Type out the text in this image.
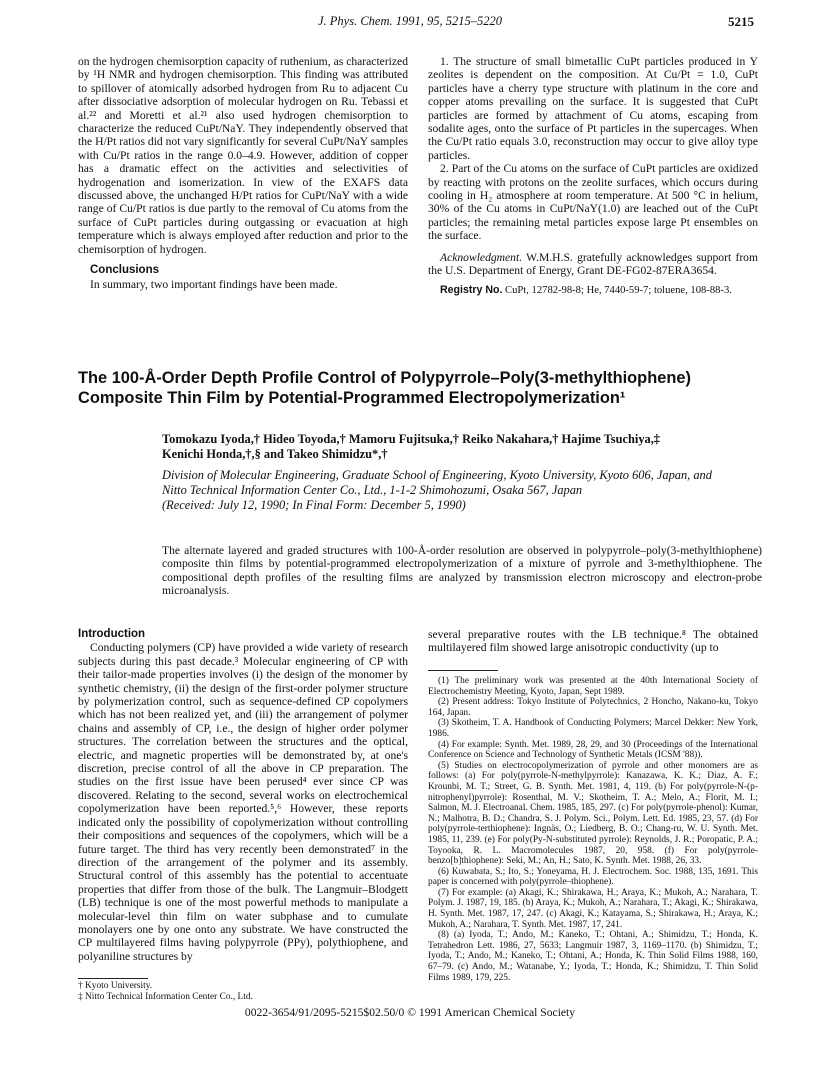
J. Phys. Chem. 1991, 95, 5215–5220	5215

on the hydrogen chemisorption capacity of ruthenium, as characterized by ¹H NMR and hydrogen chemisorption. This finding was attributed to spillover of atomically adsorbed hydrogen from Ru to adjacent Cu after dissociative adsorption of molecular hydrogen on Ru. Tebassi et al.²² and Moretti et al.²¹ also used hydrogen chemisorption to characterize the reduced CuPt/NaY. They independently observed that the H/Pt ratios did not vary significantly for several CuPt/NaY samples with Cu/Pt ratios in the range 0.0–4.9. However, addition of copper has a dramatic effect on the activities and selectivities of hydrogenation and isomerization. In view of the EXAFS data discussed above, the unchanged H/Pt ratios for CuPt/NaY with a wide range of Cu/Pt ratios is due partly to the removal of Cu atoms from the surface of CuPt particles during outgassing or evacuation at high temperature which is always employed after reduction and prior to the chemisorption of hydrogen.

Conclusions

In summary, two important findings have been made.

1. The structure of small bimetallic CuPt particles produced in Y zeolites is dependent on the composition. At Cu/Pt = 1.0, CuPt particles have a cherry type structure with platinum in the core and copper atoms prevailing on the surface. It is suggested that CuPt particles are formed by attachment of Cu atoms, escaping from sodalite ages, onto the surface of Pt particles in the supercages. When the Cu/Pt ratio equals 3.0, reconstruction may occur to give alloy type particles.

2. Part of the Cu atoms on the surface of CuPt particles are oxidized by reacting with protons on the zeolite surfaces, which occurs during cooling in H₂ atmosphere at room temperature. At 500 °C in helium, 30% of the Cu atoms in CuPt/NaY(1.0) are leached out of the CuPt particles; the remaining metal particles expose large Pt ensembles on the surface.

Acknowledgment. W.M.H.S. gratefully acknowledges support from the U.S. Department of Energy, Grant DE-FG02-87ERA3654.

Registry No. CuPt, 12782-98-8; He, 7440-59-7; toluene, 108-88-3.

The 100-Å-Order Depth Profile Control of Polypyrrole–Poly(3-methylthiophene)
Composite Thin Film by Potential-Programmed Electropolymerization¹
Tomokazu Iyoda,† Hideo Toyoda,† Mamoru Fujitsuka,† Reiko Nakahara,† Hajime Tsuchiya,‡
Kenichi Honda,†,§ and Takeo Shimidzu*,†
Division of Molecular Engineering, Graduate School of Engineering, Kyoto University, Kyoto 606, Japan, and
Nitto Technical Information Center Co., Ltd., 1-1-2 Shimohozumi, Osaka 567, Japan
(Received: July 12, 1990; In Final Form: December 5, 1990)
The alternate layered and graded structures with 100-Å-order resolution are observed in polypyrrole–poly(3-methylthiophene) composite thin films by potential-programmed electropolymerization of a mixture of pyrrole and 3-methylthiophene. The compositional depth profiles of the resulting films are analyzed by transmission electron microscopy and electron-probe microanalysis.

Introduction

Conducting polymers (CP) have provided a wide variety of research subjects during this past decade.³ Molecular engineering of CP with their tailor-made properties involves (i) the design of the monomer by synthetic chemistry, (ii) the design of the first-order polymer structure by polymerization control, such as sequence-defined CP copolymers which has not been realized yet, and (iii) the arrangement of polymer chains and assembly of CP, i.e., the design of higher order polymer structures. The correlation between the structures and the optical, electric, and magnetic properties will be demonstrated by, at one's discretion, precise control of all the above in CP preparation. The studies on the first issue have been perused⁴ ever since CP was discovered. Relating to the second, several works on electrochemical copolymerization have been reported.⁵,⁶ However, these reports indicated only the possibility of copolymerization without controlling their compositions and sequences of the copolymers, which will be a future target. The third has very recently been demonstrated⁷ in the direction of the arrangement of the polymer and its assembly. Structural control of this assembly has the potential to accentuate properties that differ from those of the bulk. The Langmuir–Blodgett (LB) technique is one of the most powerful methods to manipulate a molecular-level thin film on water subphase and to cumulate monolayers one by one onto any substrate. We have constructed the CP multilayered films having polypyrrole (PPy), polythiophene, and polyaniline structures by

several preparative routes with the LB technique.⁸ The obtained multilayered film showed large anisotropic conductivity (up to

† Kyoto University.
‡ Nitto Technical Information Center Co., Ltd.

(1) The preliminary work was presented at the 40th International Society of Electrochemistry Meeting, Kyoto, Japan, Sept 1989.

(2) Present address: Tokyo Institute of Polytechnics, 2 Honcho, Nakano-ku, Tokyo 164, Japan.

(3) Skotheim, T. A. Handbook of Conducting Polymers; Marcel Dekker: New York, 1986.

(4) For example: Synth. Met. 1989, 28, 29, and 30 (Proceedings of the International Conference on Science and Technology of Synthetic Metals (ICSM '88)).

(5) Studies on electrocopolymerization of pyrrole and other monomers are as follows: (a) For poly(pyrrole-N-methylpyrrole): Kanazawa, K. K.; Diaz, A. F.; Krounbi, M. T.; Street, G. B. Synth. Met. 1981, 4, 119. (b) For poly(pyrrole-N-(p-nitrophenyl)pyrrole): Rosenthal, M. V.; Skotheim, T. A.; Melo, A.; Florit, M. I.; Salmon, M. J. Electroanal. Chem. 1985, 185, 297. (c) For poly(pyrrole-phenol): Kumar, N.; Malhotra, B. D.; Chandra, S. J. Polym. Sci., Polym. Lett. Ed. 1985, 23, 57. (d) For poly(pyrrole-terthiophene): Ingnäs, O.; Liedberg, B. O.; Chang-ru, W. U. Synth. Met. 1985, 11, 239. (e) For poly(Py-N-substituted pyrrole): Reynolds, J. R.; Poropatic, P. A.; Toyooka, R. L. Macromolecules 1987, 20, 958. (f) For poly(pyrrole-benzo[b]thiophene): Seki, M.; An, H.; Sato, K. Synth. Met. 1988, 26, 33.

(6) Kuwabata, S.; Ito, S.; Yoneyama, H. J. Electrochem. Soc. 1988, 135, 1691. This paper is concerned with poly(pyrrole–thiophene).

(7) For example: (a) Akagi, K.; Shirakawa, H.; Araya, K.; Mukoh, A.; Narahara, T. Polym. J. 1987, 19, 185. (b) Araya, K.; Mukoh, A.; Narahara, T.; Akagi, K.; Shirakawa, H. Synth. Met. 1987, 17, 247. (c) Akagi, K.; Katayama, S.; Shirakawa, H.; Araya, K.; Mukoh, A.; Narahara, T. Synth. Met. 1987, 17, 241.

(8) (a) Iyoda, T.; Ando, M.; Kaneko, T.; Ohtani, A.; Shimidzu, T.; Honda, K. Tetrahedron Lett. 1986, 27, 5633; Langmuir 1987, 3, 1169–1170. (b) Shimidzu, T.; Iyoda, T.; Ando, M.; Kaneko, T.; Ohtani, A.; Honda, K. Thin Solid Films 1988, 160, 67–79. (c) Ando, M.; Watanabe, Y.; Iyoda, T.; Honda, K.; Shimidzu, T. Thin Solid Films 1989, 179, 225.

0022-3654/91/2095-5215$02.50/0 © 1991 American Chemical Society
